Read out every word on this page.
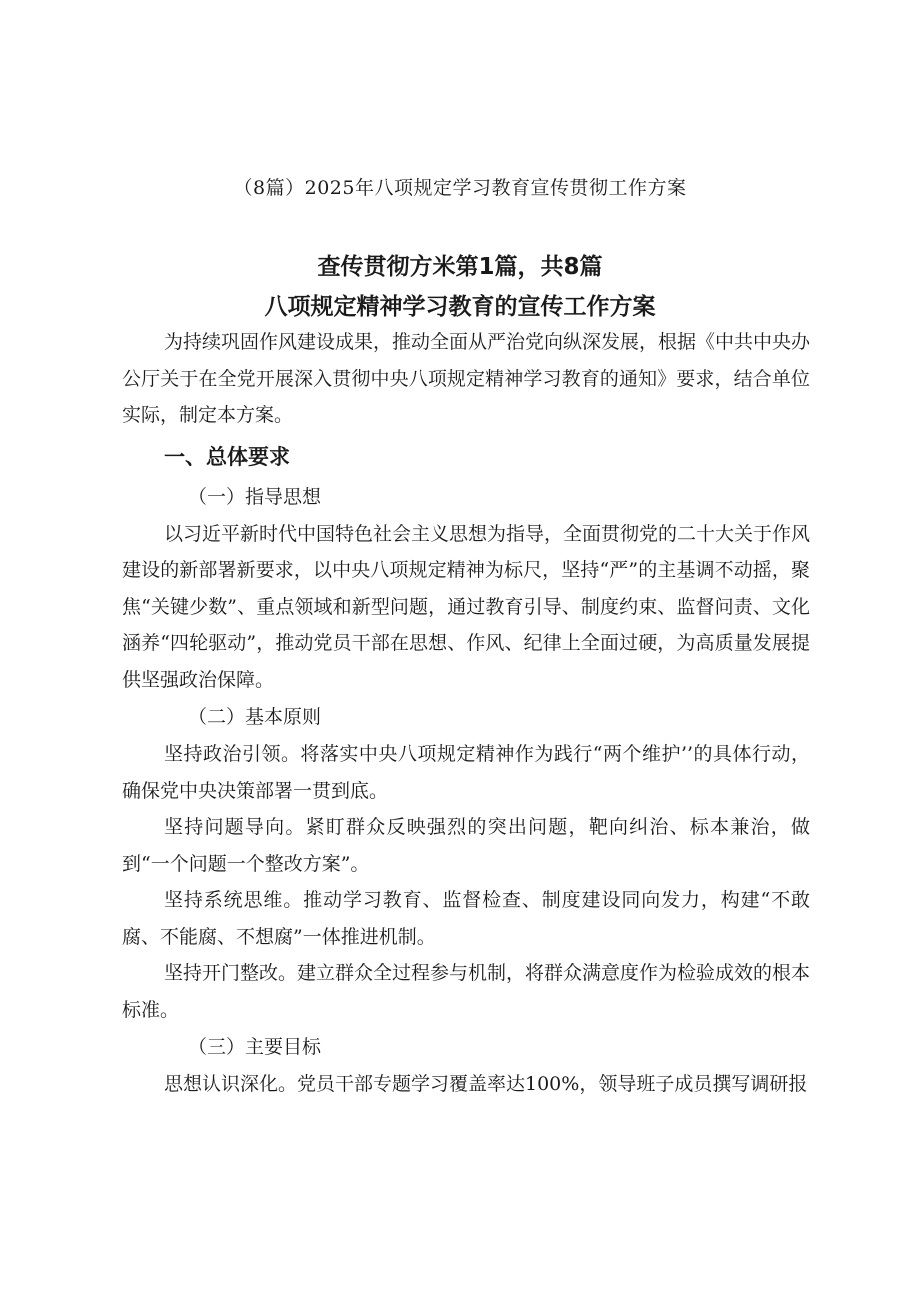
（8篇）2025年八项规定学习教育宣传贯彻工作方案
查传贯彻方米第1篇，共8篇
八项规定精神学习教育的宣传工作方案

为持续巩固作风建设成果，推动全面从严治党向纵深发展，根据《中共中央办公厅关于在全党开展深入贯彻中央八项规定精神学习教育的通知》要求，结合单位实际，制定本方案。

一、总体要求

（一）指导思想

以习近平新时代中国特色社会主义思想为指导，全面贯彻党的二十大关于作风建设的新部署新要求，以中央八项规定精神为标尺，坚持“严”的主基调不动摇，聚焦“关键少数”、重点领域和新型问题，通过教育引导、制度约束、监督问责、文化涵养“四轮驱动”，推动党员干部在思想、作风、纪律上全面过硬，为高质量发展提供坚强政治保障。

（二）基本原则

坚持政治引领。将落实中央八项规定精神作为践行“两个维护’’的具体行动，确保党中央决策部署一贯到底。

坚持问题导向。紧盯群众反映强烈的突出问题，靶向纠治、标本兼治，做到“一个问题一个整改方案”。

坚持系统思维。推动学习教育、监督检查、制度建设同向发力，构建“不敢腐、不能腐、不想腐”一体推进机制。

坚持开门整改。建立群众全过程参与机制，将群众满意度作为检验成效的根本标准。

（三）主要目标

思想认识深化。党员干部专题学习覆盖率达100%，领导班子成员撰写调研报
